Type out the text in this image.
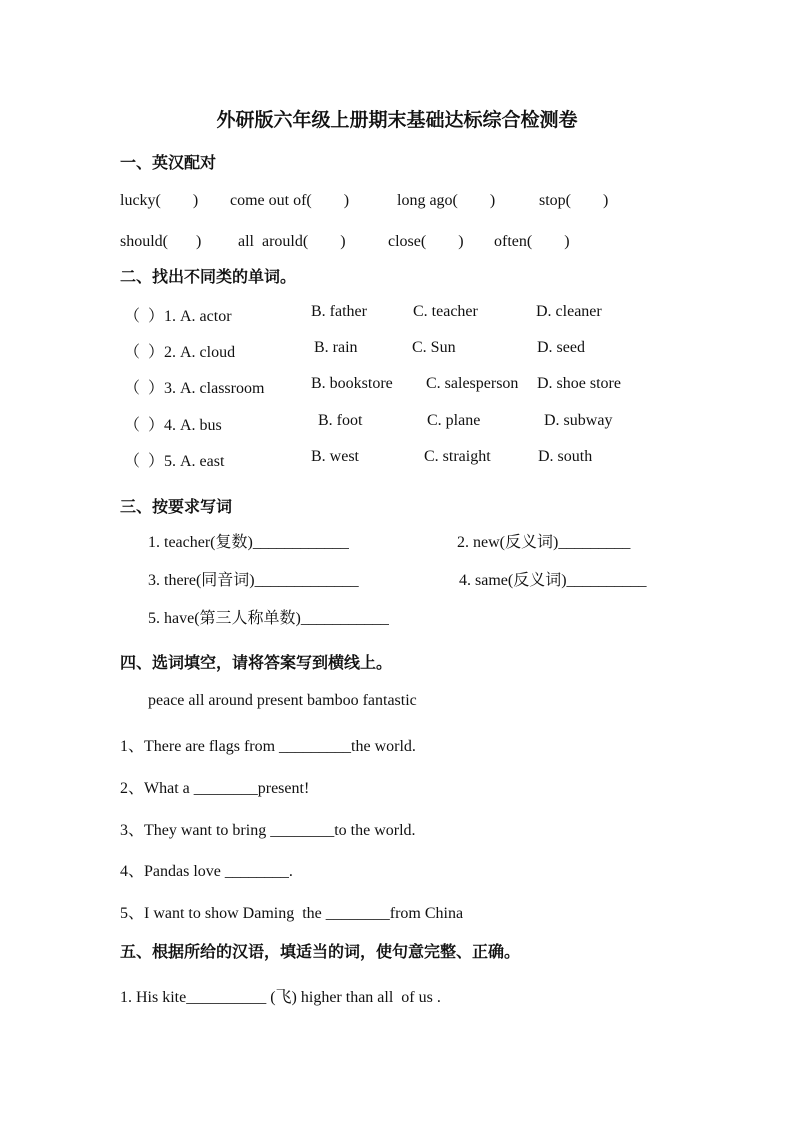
外研版六年级上册期末基础达标综合检测卷
一、英汉配对
lucky(        ) come out of(        )	long ago(        )	stop(        )
should(       ) all  arould(        )	close(        ) often(        )
二、找出不同类的单词。
（  ）1. A. actor	B. father	C. teacher	D. cleaner
（  ）2. A. cloud	B. rain	C. Sun	D. seed
（  ）3. A. classroom	B. bookstore C. salesperson D. shoe store
（  ）4. A. bus	B. foot	C. plane	D. subway
（  ）5. A. east	B. west	C. straight	D. south
三、按要求写词
1. teacher(复数)____________	2. new(反义词)_________
3. there(同音词)_____________	4. same(反义词)__________
5. have(第三人称单数)___________
四、选词填空，请将答案写到横线上。
peace all around present bamboo fantastic
1、There are flags from _________the world.
2、What a ________present!
3、They want to bring ________to the world.
4、Pandas love ________.
5、I want to show Daming  the ________from China
五、根据所给的汉语，填适当的词，使句意完整、正确。
1. His kite__________ (飞) higher than all  of us .
